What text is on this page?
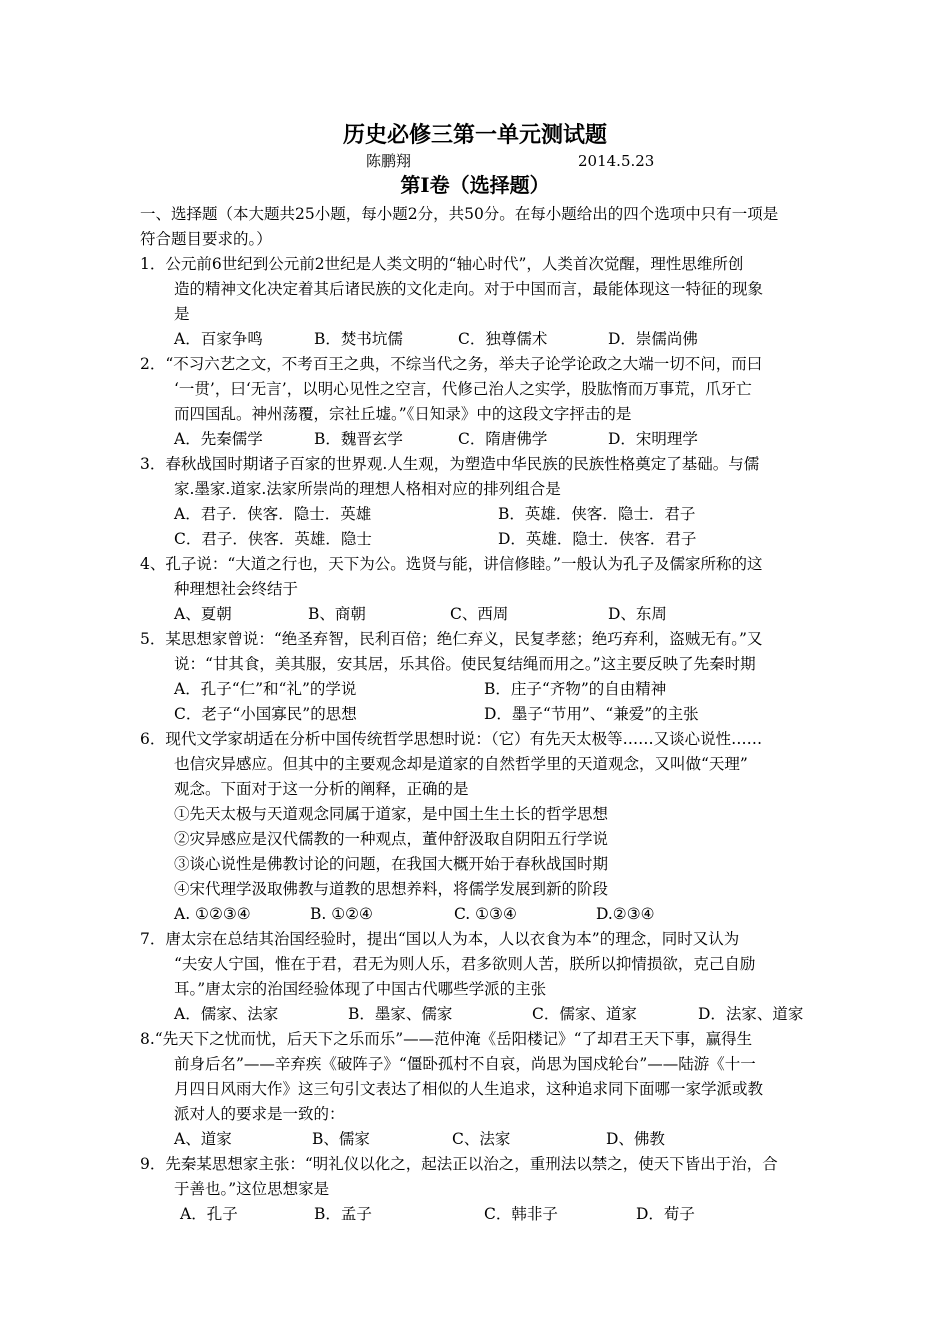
历史必修三第一单元测试题
陈鹏翔	2014.5.23
第Ⅰ卷（选择题）
一、选择题（本大题共25小题，每小题2分，共50分。在每小题给出的四个选项中只有一项是
符合题目要求的。）
1．公元前6世纪到公元前2世纪是人类文明的“轴心时代”，人类首次觉醒，理性思维所创
造的精神文化决定着其后诸民族的文化走向。对于中国而言，最能体现这一特征的现象
是
A．百家争鸣	B．焚书坑儒	C．独尊儒术	D．崇儒尚佛
2．“不习六艺之文，不考百王之典，不综当代之务，举夫子论学论政之大端一切不问，而曰
‘一贯’，曰‘无言’，以明心见性之空言，代修己治人之实学，股肱惰而万事荒，爪牙亡
而四国乱。神州荡覆，宗社丘墟。”《日知录》中的这段文字抨击的是
A．先秦儒学	B．魏晋玄学	C．隋唐佛学	D．宋明理学
3．春秋战国时期诸子百家的世界观.人生观，为塑造中华民族的民族性格奠定了基础。与儒
家.墨家.道家.法家所崇尚的理想人格相对应的排列组合是
A．君子．侠客．隐士．英雄	B．英雄．侠客．隐士．君子
C．君子．侠客．英雄．隐士	D．英雄．隐士．侠客．君子
4、孔子说：“大道之行也，天下为公。选贤与能，讲信修睦。”一般认为孔子及儒家所称的这
种理想社会终结于
A、夏朝	B、商朝	C、西周	D、东周
5．某思想家曾说：“绝圣弃智，民利百倍；绝仁弃义，民复孝慈；绝巧弃利，盗贼无有。”又
说：“甘其食，美其服，安其居，乐其俗。使民复结绳而用之。”这主要反映了先秦时期
A．孔子“仁”和“礼”的学说	B．庄子“齐物”的自由精神
C．老子“小国寡民”的思想	D．墨子“节用”、“兼爱”的主张
6．现代文学家胡适在分析中国传统哲学思想时说：（它）有先天太极等……又谈心说性……
也信灾异感应。但其中的主要观念却是道家的自然哲学里的天道观念，又叫做“天理”
观念。下面对于这一分析的阐释，正确的是
①先天太极与天道观念同属于道家，是中国土生土长的哲学思想
②灾异感应是汉代儒教的一种观点，董仲舒汲取自阴阳五行学说
③谈心说性是佛教讨论的问题，在我国大概开始于春秋战国时期
④宋代理学汲取佛教与道教的思想养料，将儒学发展到新的阶段
A. ①②③④	B. ①②④	C. ①③④	D.②③④
7．唐太宗在总结其治国经验时，提出“国以人为本，人以衣食为本”的理念，同时又认为
“夫安人宁国，惟在于君，君无为则人乐，君多欲则人苦，朕所以抑情损欲，克己自励
耳。”唐太宗的治国经验体现了中国古代哪些学派的主张
A．儒家、法家	B．墨家、儒家	C．儒家、道家	D．法家、道家
8.“先天下之忧而忧，后天下之乐而乐”——范仲淹《岳阳楼记》“了却君王天下事，赢得生
前身后名”——辛弃疾《破阵子》“僵卧孤村不自哀，尚思为国戍轮台”——陆游《十一
月四日风雨大作》这三句引文表达了相似的人生追求，这种追求同下面哪一家学派或教
派对人的要求是一致的：
A、道家	B、儒家	C、法家	D、佛教
9．先秦某思想家主张：“明礼仪以化之，起法正以治之，重刑法以禁之，使天下皆出于治，合
于善也。”这位思想家是
A．孔子	B．孟子	C．韩非子	D．荀子
